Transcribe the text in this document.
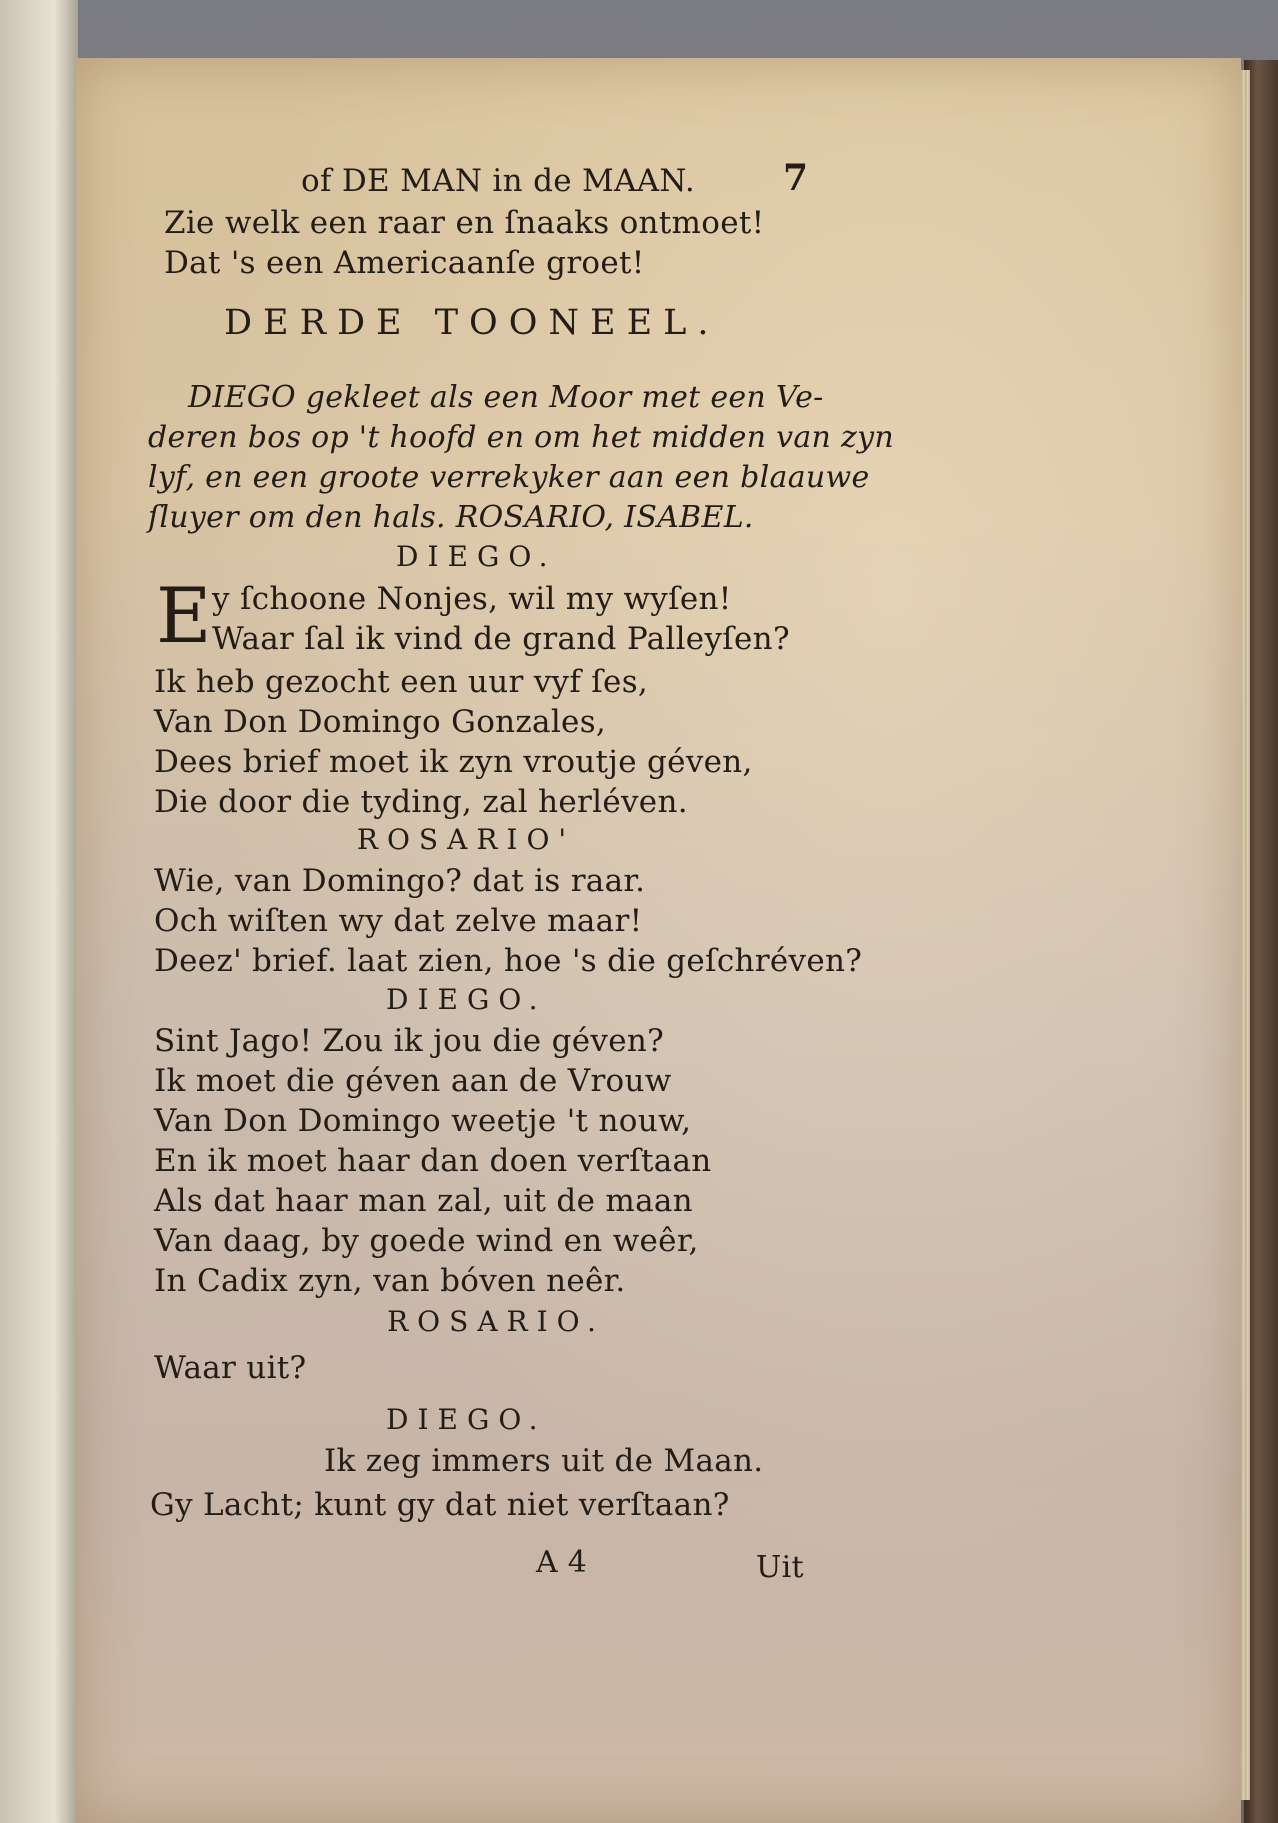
of DE MAN in de MAAN. 7
Zie welk een raar en ſnaaks ontmoet!
Dat 's een Americaanſe groet!
DERDE TOONEEL.
DIEGO gekleet als een Moor met een Ve-
deren bos op 't hoofd en om het midden van zyn
lyf, en een groote verrekyker aan een blaauwe
ſluyer om den hals. ROSARIO, ISABEL.
DIEGO.
E y ſchoone Nonjes, wil my wyſen!
Waar ſal ik vind de grand Palleyſen?
Ik heb gezocht een uur vyf ſes,
Van Don Domingo Gonzales,
Dees brief moet ik zyn vroutje géven,
Die door die tyding, zal herléven.
ROSARIO'
Wie, van Domingo? dat is raar.
Och wiſten wy dat zelve maar!
Deez' brief. laat zien, hoe 's die geſchréven?
DIEGO.
Sint Jago! Zou ik jou die géven?
Ik moet die géven aan de Vrouw
Van Don Domingo weetje 't nouw,
En ik moet haar dan doen verſtaan
Als dat haar man zal, uit de maan
Van daag, by goede wind en weêr,
In Cadix zyn, van bóven neêr.
ROSARIO.
Waar uit?
DIEGO.
Ik zeg immers uit de Maan.
Gy Lacht; kunt gy dat niet verſtaan?
A 4	Uit
